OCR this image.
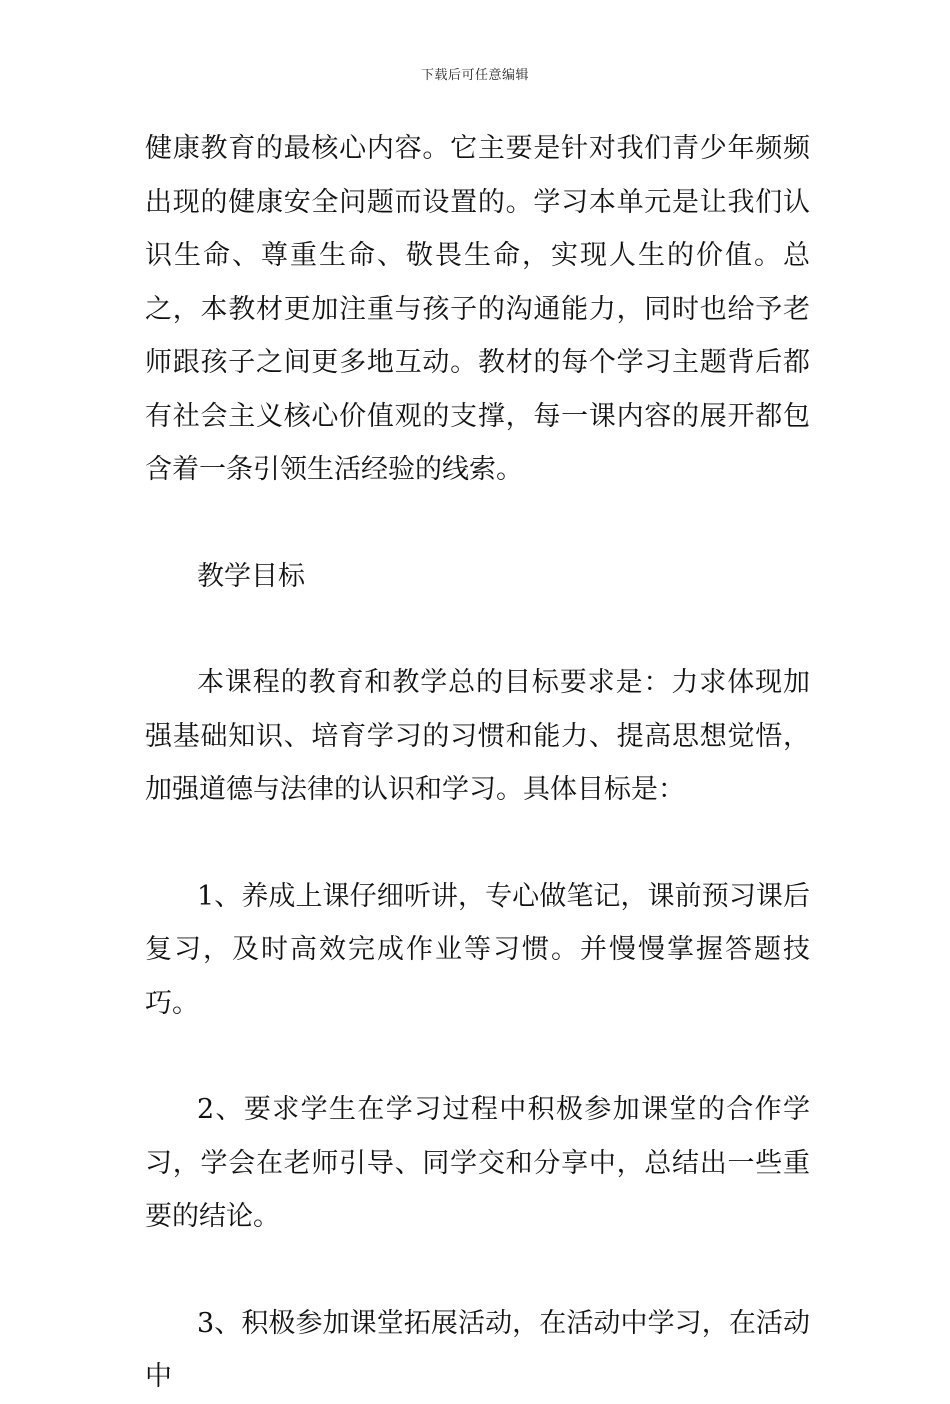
下载后可任意编辑

健康教育的最核心内容。它主要是针对我们青少年频频出现的健康安全问题而设置的。学习本单元是让我们认识生命、尊重生命、敬畏生命，实现人生的价值。总之，本教材更加注重与孩子的沟通能力，同时也给予老师跟孩子之间更多地互动。教材的每个学习主题背后都有社会主义核心价值观的支撑，每一课内容的展开都包含着一条引领生活经验的线索。

教学目标

本课程的教育和教学总的目标要求是：力求体现加强基础知识、培育学习的习惯和能力、提高思想觉悟，加强道德与法律的认识和学习。具体目标是：

1、养成上课仔细听讲，专心做笔记，课前预习课后复习，及时高效完成作业等习惯。并慢慢掌握答题技巧。

2、要求学生在学习过程中积极参加课堂的合作学习，学会在老师引导、同学交和分享中，总结出一些重要的结论。

3、积极参加课堂拓展活动，在活动中学习，在活动中
